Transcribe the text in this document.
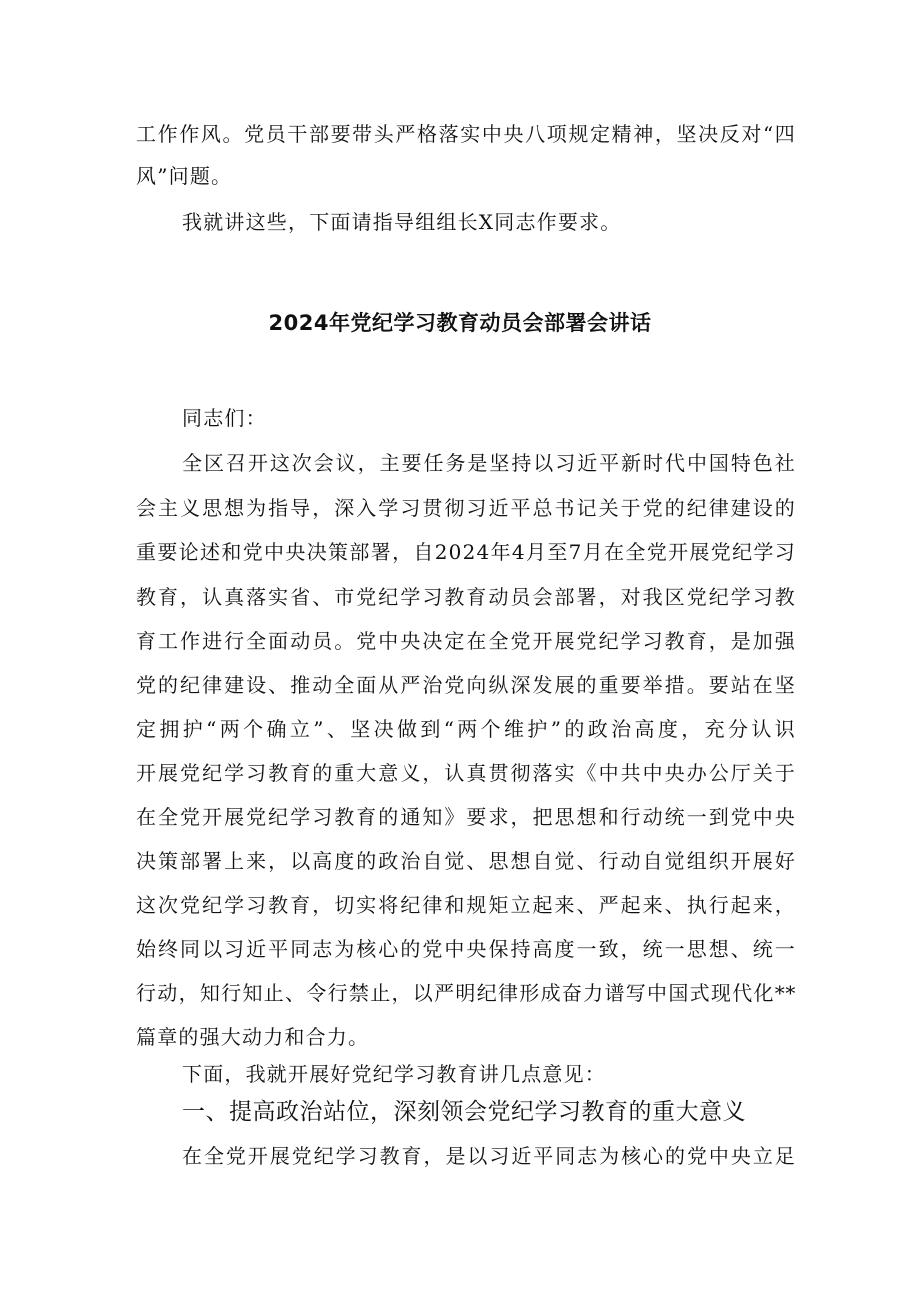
工作作风。党员干部要带头严格落实中央八项规定精神，坚决反对“四
风”问题。
我就讲这些，下面请指导组组长X同志作要求。
2024年党纪学习教育动员会部署会讲话
同志们：
全区召开这次会议，主要任务是坚持以习近平新时代中国特色社
会主义思想为指导，深入学习贯彻习近平总书记关于党的纪律建设的
重要论述和党中央决策部署，自2024年4月至7月在全党开展党纪学习
教育，认真落实省、市党纪学习教育动员会部署，对我区党纪学习教
育工作进行全面动员。党中央决定在全党开展党纪学习教育，是加强
党的纪律建设、推动全面从严治党向纵深发展的重要举措。要站在坚
定拥护“两个确立”、坚决做到“两个维护”的政治高度，充分认识
开展党纪学习教育的重大意义，认真贯彻落实《中共中央办公厅关于
在全党开展党纪学习教育的通知》要求，把思想和行动统一到党中央
决策部署上来，以高度的政治自觉、思想自觉、行动自觉组织开展好
这次党纪学习教育，切实将纪律和规矩立起来、严起来、执行起来，
始终同以习近平同志为核心的党中央保持高度一致，统一思想、统一
行动，知行知止、令行禁止，以严明纪律形成奋力谱写中国式现代化**
篇章的强大动力和合力。
下面，我就开展好党纪学习教育讲几点意见：
一、提高政治站位，深刻领会党纪学习教育的重大意义
在全党开展党纪学习教育，是以习近平同志为核心的党中央立足
